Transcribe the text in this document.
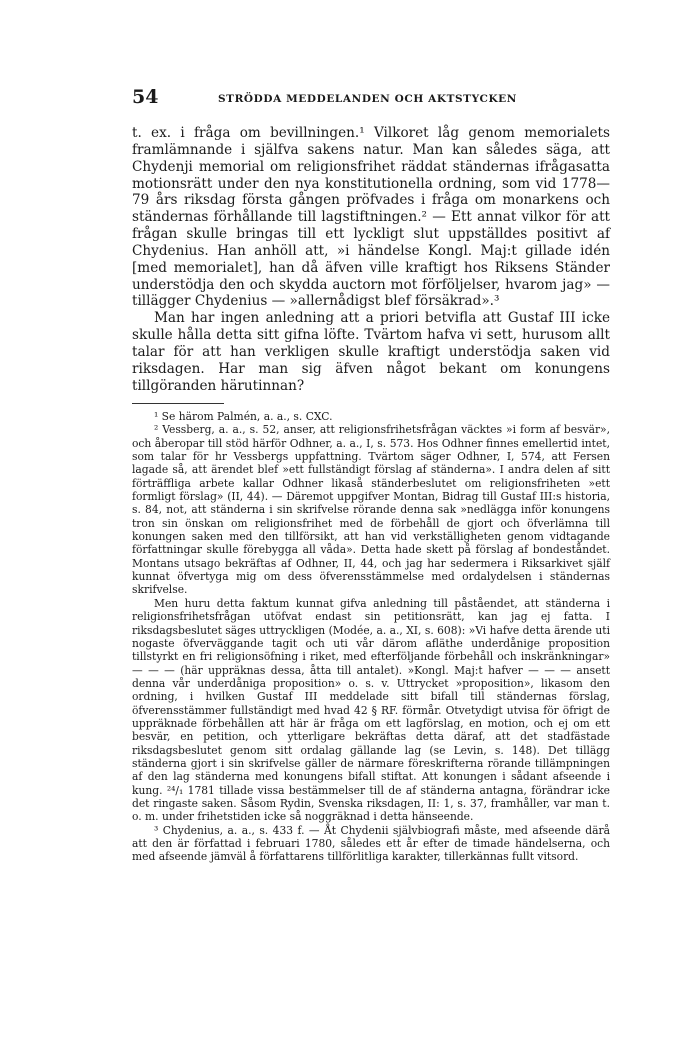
54	STRÖDDA MEDDELANDEN OCH AKTSTYCKEN

t. ex. i fråga om bevillningen.¹ Vilkoret låg genom memorialets framlämnande i själfva sakens natur. Man kan således säga, att Chydenji memorial om religionsfrihet räddat ständernas ifrågasatta motionsrätt under den nya konstitutionella ordning, som vid 1778—79 års riksdag första gången pröfvades i fråga om monarkens och ständernas förhållande till lagstiftningen.² — Ett annat vilkor för att frågan skulle bringas till ett lyckligt slut uppställdes positivt af Chydenius. Han anhöll att, »i händelse Kongl. Maj:t gillade idén [med memorialet], han då äfven ville kraftigt hos Riksens Ständer understödja den och skydda auctorn mot förföljelser, hvarom jag» — tillägger Chydenius — »allernådigst blef försäkrad».³

Man har ingen anledning att a priori betvifla att Gustaf III icke skulle hålla detta sitt gifna löfte. Tvärtom hafva vi sett, hurusom allt talar för att han verkligen skulle kraftigt understödja saken vid riksdagen. Har man sig äfven något bekant om konungens tillgöranden härutinnan?

¹ Se härom Palmén, a. a., s. CXC.

² Vessberg, a. a., s. 52, anser, att religionsfrihetsfrågan väcktes »i form af besvär», och åberopar till stöd härför Odhner, a. a., I, s. 573. Hos Odhner finnes emellertid intet, som talar för hr Vessbergs uppfattning. Tvärtom säger Odhner, I, 574, att Fersen lagade så, att ärendet blef »ett fullständigt förslag af ständerna». I andra delen af sitt förträffliga arbete kallar Odhner likaså ständerbeslutet om religionsfriheten »ett formligt förslag» (II, 44). — Däremot uppgifver Montan, Bidrag till Gustaf III:s historia, s. 84, not, att ständerna i sin skrifvelse rörande denna sak »nedlägga inför konungens tron sin önskan om religionsfrihet med de förbehåll de gjort och öfverlämna till konungen saken med den tillförsikt, att han vid verkställigheten genom vidtagande författningar skulle förebygga all våda». Detta hade skett på förslag af bondeståndet. Montans utsago bekräftas af Odhner, II, 44, och jag har sedermera i Riksarkivet själf kunnat öfvertyga mig om dess öfverensstämmelse med ordalydelsen i ständernas skrifvelse.

Men huru detta faktum kunnat gifva anledning till påståendet, att ständerna i religionsfrihetsfrågan utöfvat endast sin petitionsrätt, kan jag ej fatta. I riksdagsbeslutet säges uttryckligen (Modée, a. a., XI, s. 608): »Vi hafve detta ärende uti nogaste öfverväggande tagit och uti vår därom afläthe underdånige proposition tillstyrkt en fri religionsöfning i riket, med efterföljande förbehåll och inskränkningar» — — — (här uppräknas dessa, åtta till antalet). »Kongl. Maj:t hafver — — — ansett denna vår underdåniga proposition» o. s. v. Uttrycket »proposition», likasom den ordning, i hvilken Gustaf III meddelade sitt bifall till ständernas förslag, öfverensstämmer fullständigt med hvad 42 § RF. förmår. Otvetydigt utvisa för öfrigt de uppräknade förbehållen att här är fråga om ett lagförslag, en motion, och ej om ett besvär, en petition, och ytterligare bekräftas detta däraf, att det stadfästade riksdagsbeslutet genom sitt ordalag gällande lag (se Levin, s. 148). Det tillägg ständerna gjort i sin skrifvelse gäller de närmare föreskrifterna rörande tillämpningen af den lag ständerna med konungens bifall stiftat. Att konungen i sådant afseende i kung. ²⁴/₁ 1781 tillade vissa bestämmelser till de af ständerna antagna, förändrar icke det ringaste saken. Såsom Rydin, Svenska riksdagen, II: 1, s. 37, framhåller, var man t. o. m. under frihetstiden icke så noggräknad i detta hänseende.

³ Chydenius, a. a., s. 433 f. — Åt Chydenii självbiografi måste, med afseende därå att den är författad i februari 1780, således ett år efter de timade händelserna, och med afseende jämväl å författarens tillförlitliga karakter, tillerkännas fullt vitsord.
